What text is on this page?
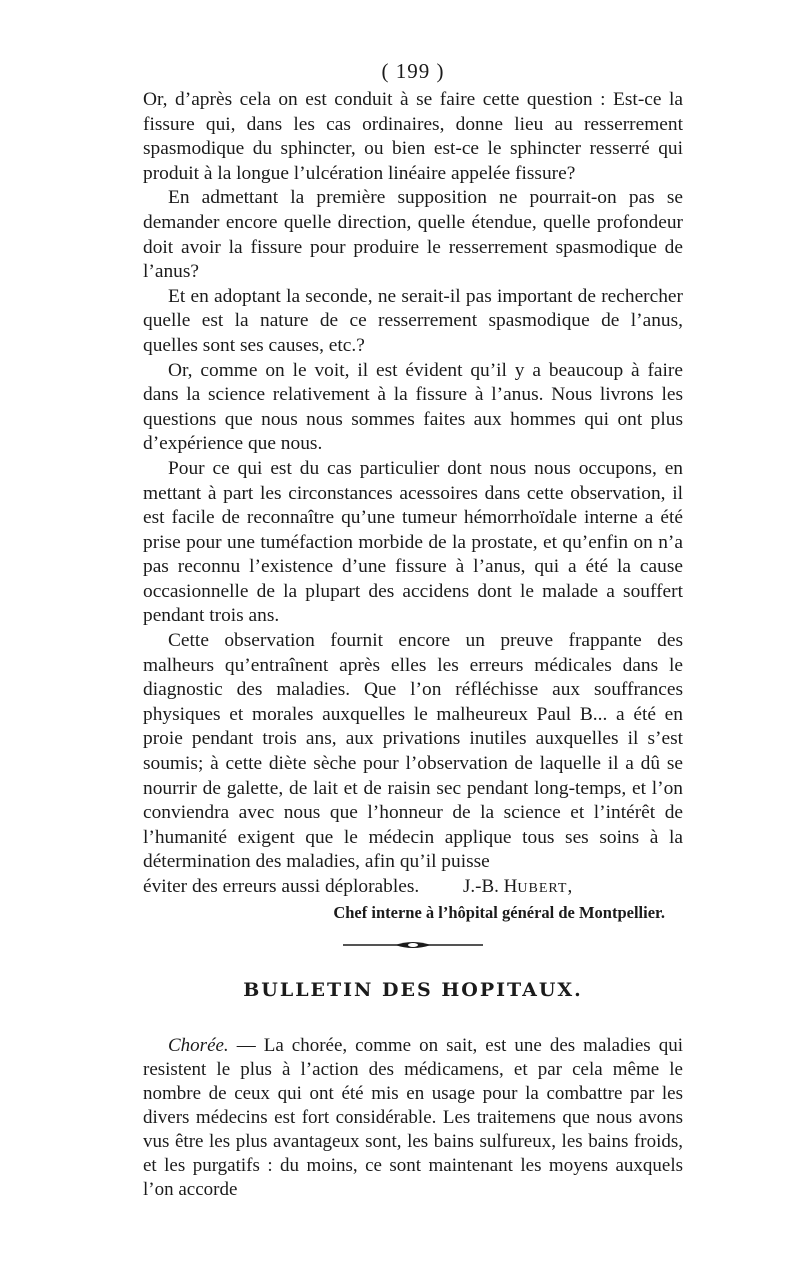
( 199 )

Or, d’après cela on est conduit à se faire cette question : Est-ce la fissure qui, dans les cas ordinaires, donne lieu au resserrement spasmodique du sphincter, ou bien est-ce le sphincter resserré qui produit à la longue l’ulcération linéaire appelée fissure?

En admettant la première supposition ne pourrait-on pas se demander encore quelle direction, quelle étendue, quelle profondeur doit avoir la fissure pour produire le resserrement spasmodique de l’anus?

Et en adoptant la seconde, ne serait-il pas important de rechercher quelle est la nature de ce resserrement spasmodique de l’anus, quelles sont ses causes, etc.?

Or, comme on le voit, il est évident qu’il y a beaucoup à faire dans la science relativement à la fissure à l’anus. Nous livrons les questions que nous nous sommes faites aux hommes qui ont plus d’expérience que nous.

Pour ce qui est du cas particulier dont nous nous occupons, en mettant à part les circonstances acessoires dans cette observation, il est facile de reconnaître qu’une tumeur hémorrhoïdale interne a été prise pour une tuméfaction morbide de la prostate, et qu’enfin on n’a pas reconnu l’existence d’une fissure à l’anus, qui a été la cause occasionnelle de la plupart des accidens dont le malade a souffert pendant trois ans.

Cette observation fournit encore un preuve frappante des malheurs qu’entraînent après elles les erreurs médicales dans le diagnostic des maladies. Que l’on réfléchisse aux souffrances physiques et morales auxquelles le malheureux Paul B... a été en proie pendant trois ans, aux privations inutiles auxquelles il s’est soumis; à cette diète sèche pour l’observation de laquelle il a dû se nourrir de galette, de lait et de raisin sec pendant long-temps, et l’on conviendra avec nous que l’honneur de la science et l’intérêt de l’humanité exigent que le médecin applique tous ses soins à la détermination des maladies, afin qu’il puisse

éviter des erreurs aussi déplorables. J.-B. HUBERT,

Chef interne à l’hôpital général de Montpellier.
BULLETIN DES HOPITAUX.

Chorée. — La chorée, comme on sait, est une des maladies qui resistent le plus à l’action des médicamens, et par cela même le nombre de ceux qui ont été mis en usage pour la combattre par les divers médecins est fort considérable. Les traitemens que nous avons vus être les plus avantageux sont, les bains sulfureux, les bains froids, et les purgatifs : du moins, ce sont maintenant les moyens auxquels l’on accorde
